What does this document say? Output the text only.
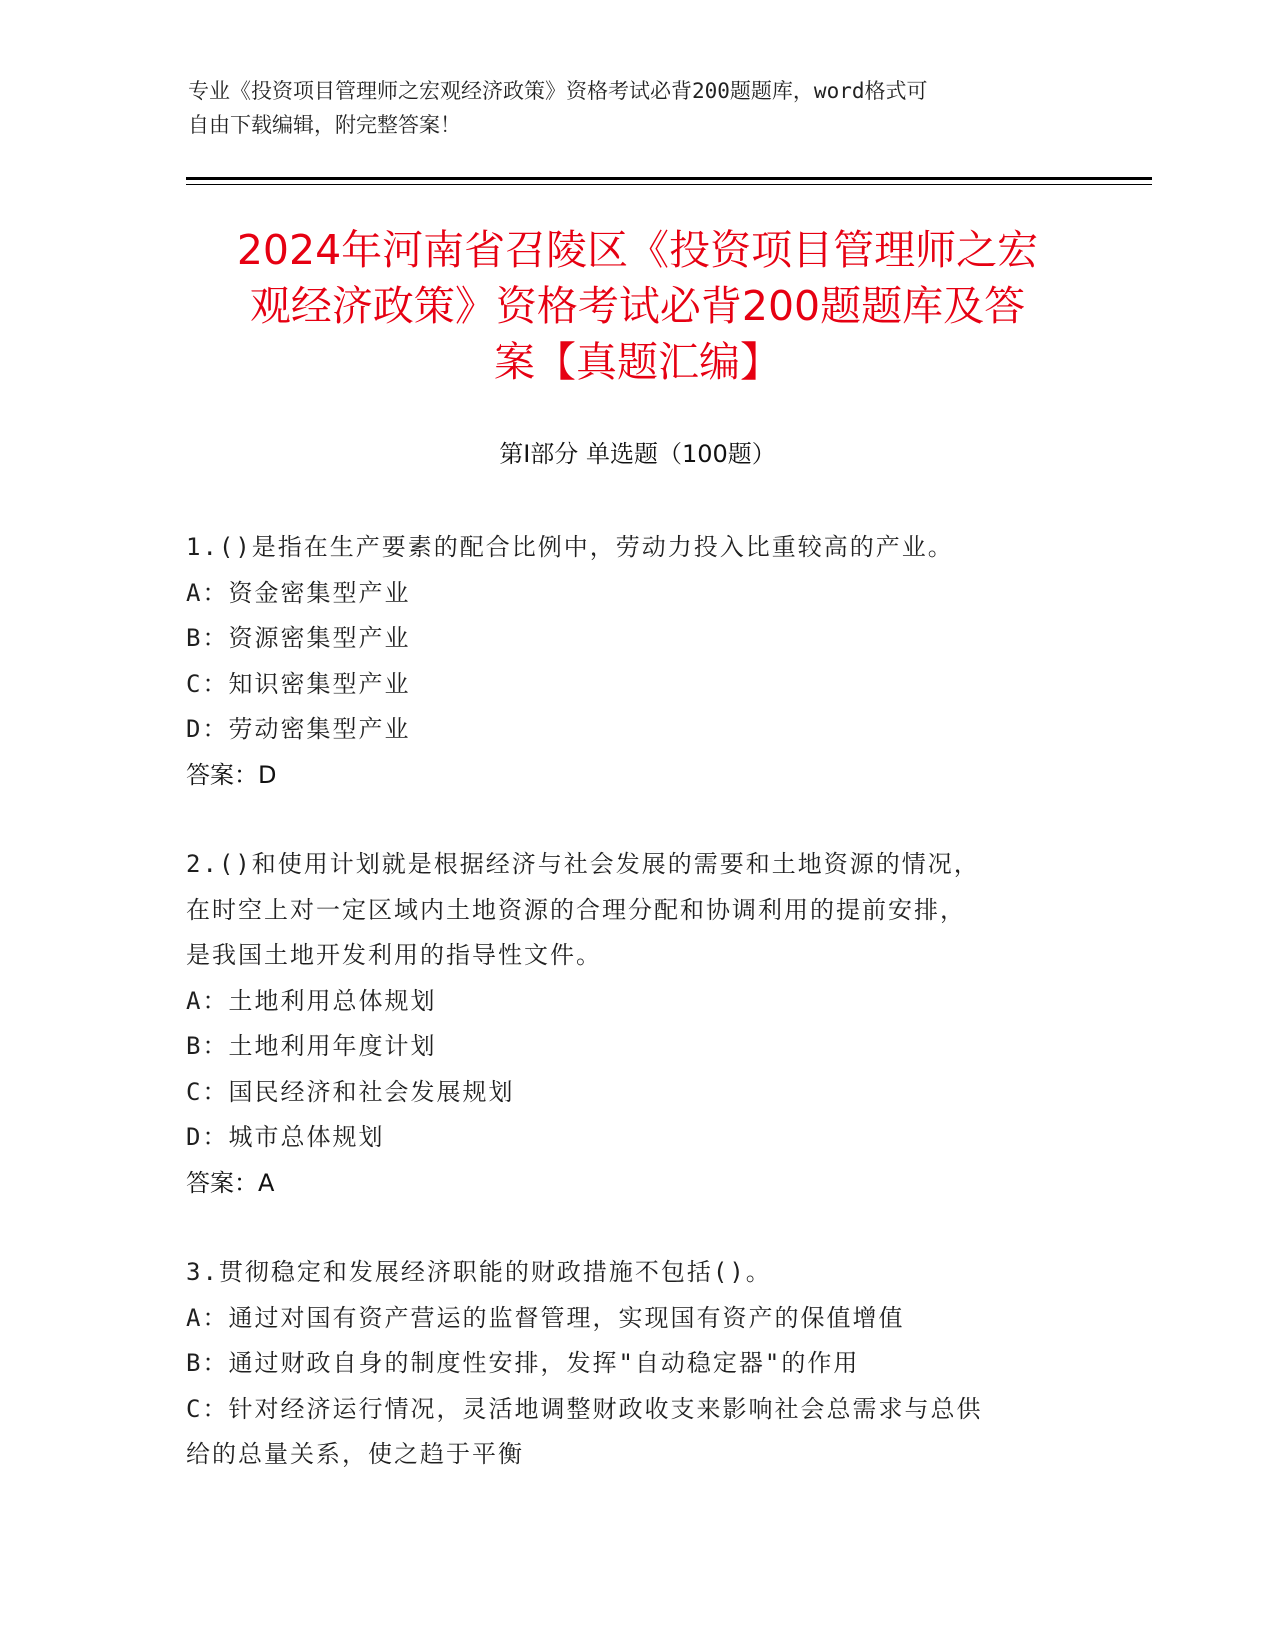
专业《投资项目管理师之宏观经济政策》资格考试必背200题题库，word格式可
自由下载编辑，附完整答案！
2024年河南省召陵区《投资项目管理师之宏
观经济政策》资格考试必背200题题库及答
案【真题汇编】
第Ⅰ部分 单选题（100题）
1.()是指在生产要素的配合比例中，劳动力投入比重较高的产业。
A：资金密集型产业
B：资源密集型产业
C：知识密集型产业
D：劳动密集型产业
答案：D
2.()和使用计划就是根据经济与社会发展的需要和土地资源的情况，
在时空上对一定区域内土地资源的合理分配和协调利用的提前安排，
是我国土地开发利用的指导性文件。
A：土地利用总体规划
B：土地利用年度计划
C：国民经济和社会发展规划
D：城市总体规划
答案：A
3.贯彻稳定和发展经济职能的财政措施不包括()。
A：通过对国有资产营运的监督管理，实现国有资产的保值增值
B：通过财政自身的制度性安排，发挥"自动稳定器"的作用
C：针对经济运行情况，灵活地调整财政收支来影响社会总需求与总供
给的总量关系，使之趋于平衡
